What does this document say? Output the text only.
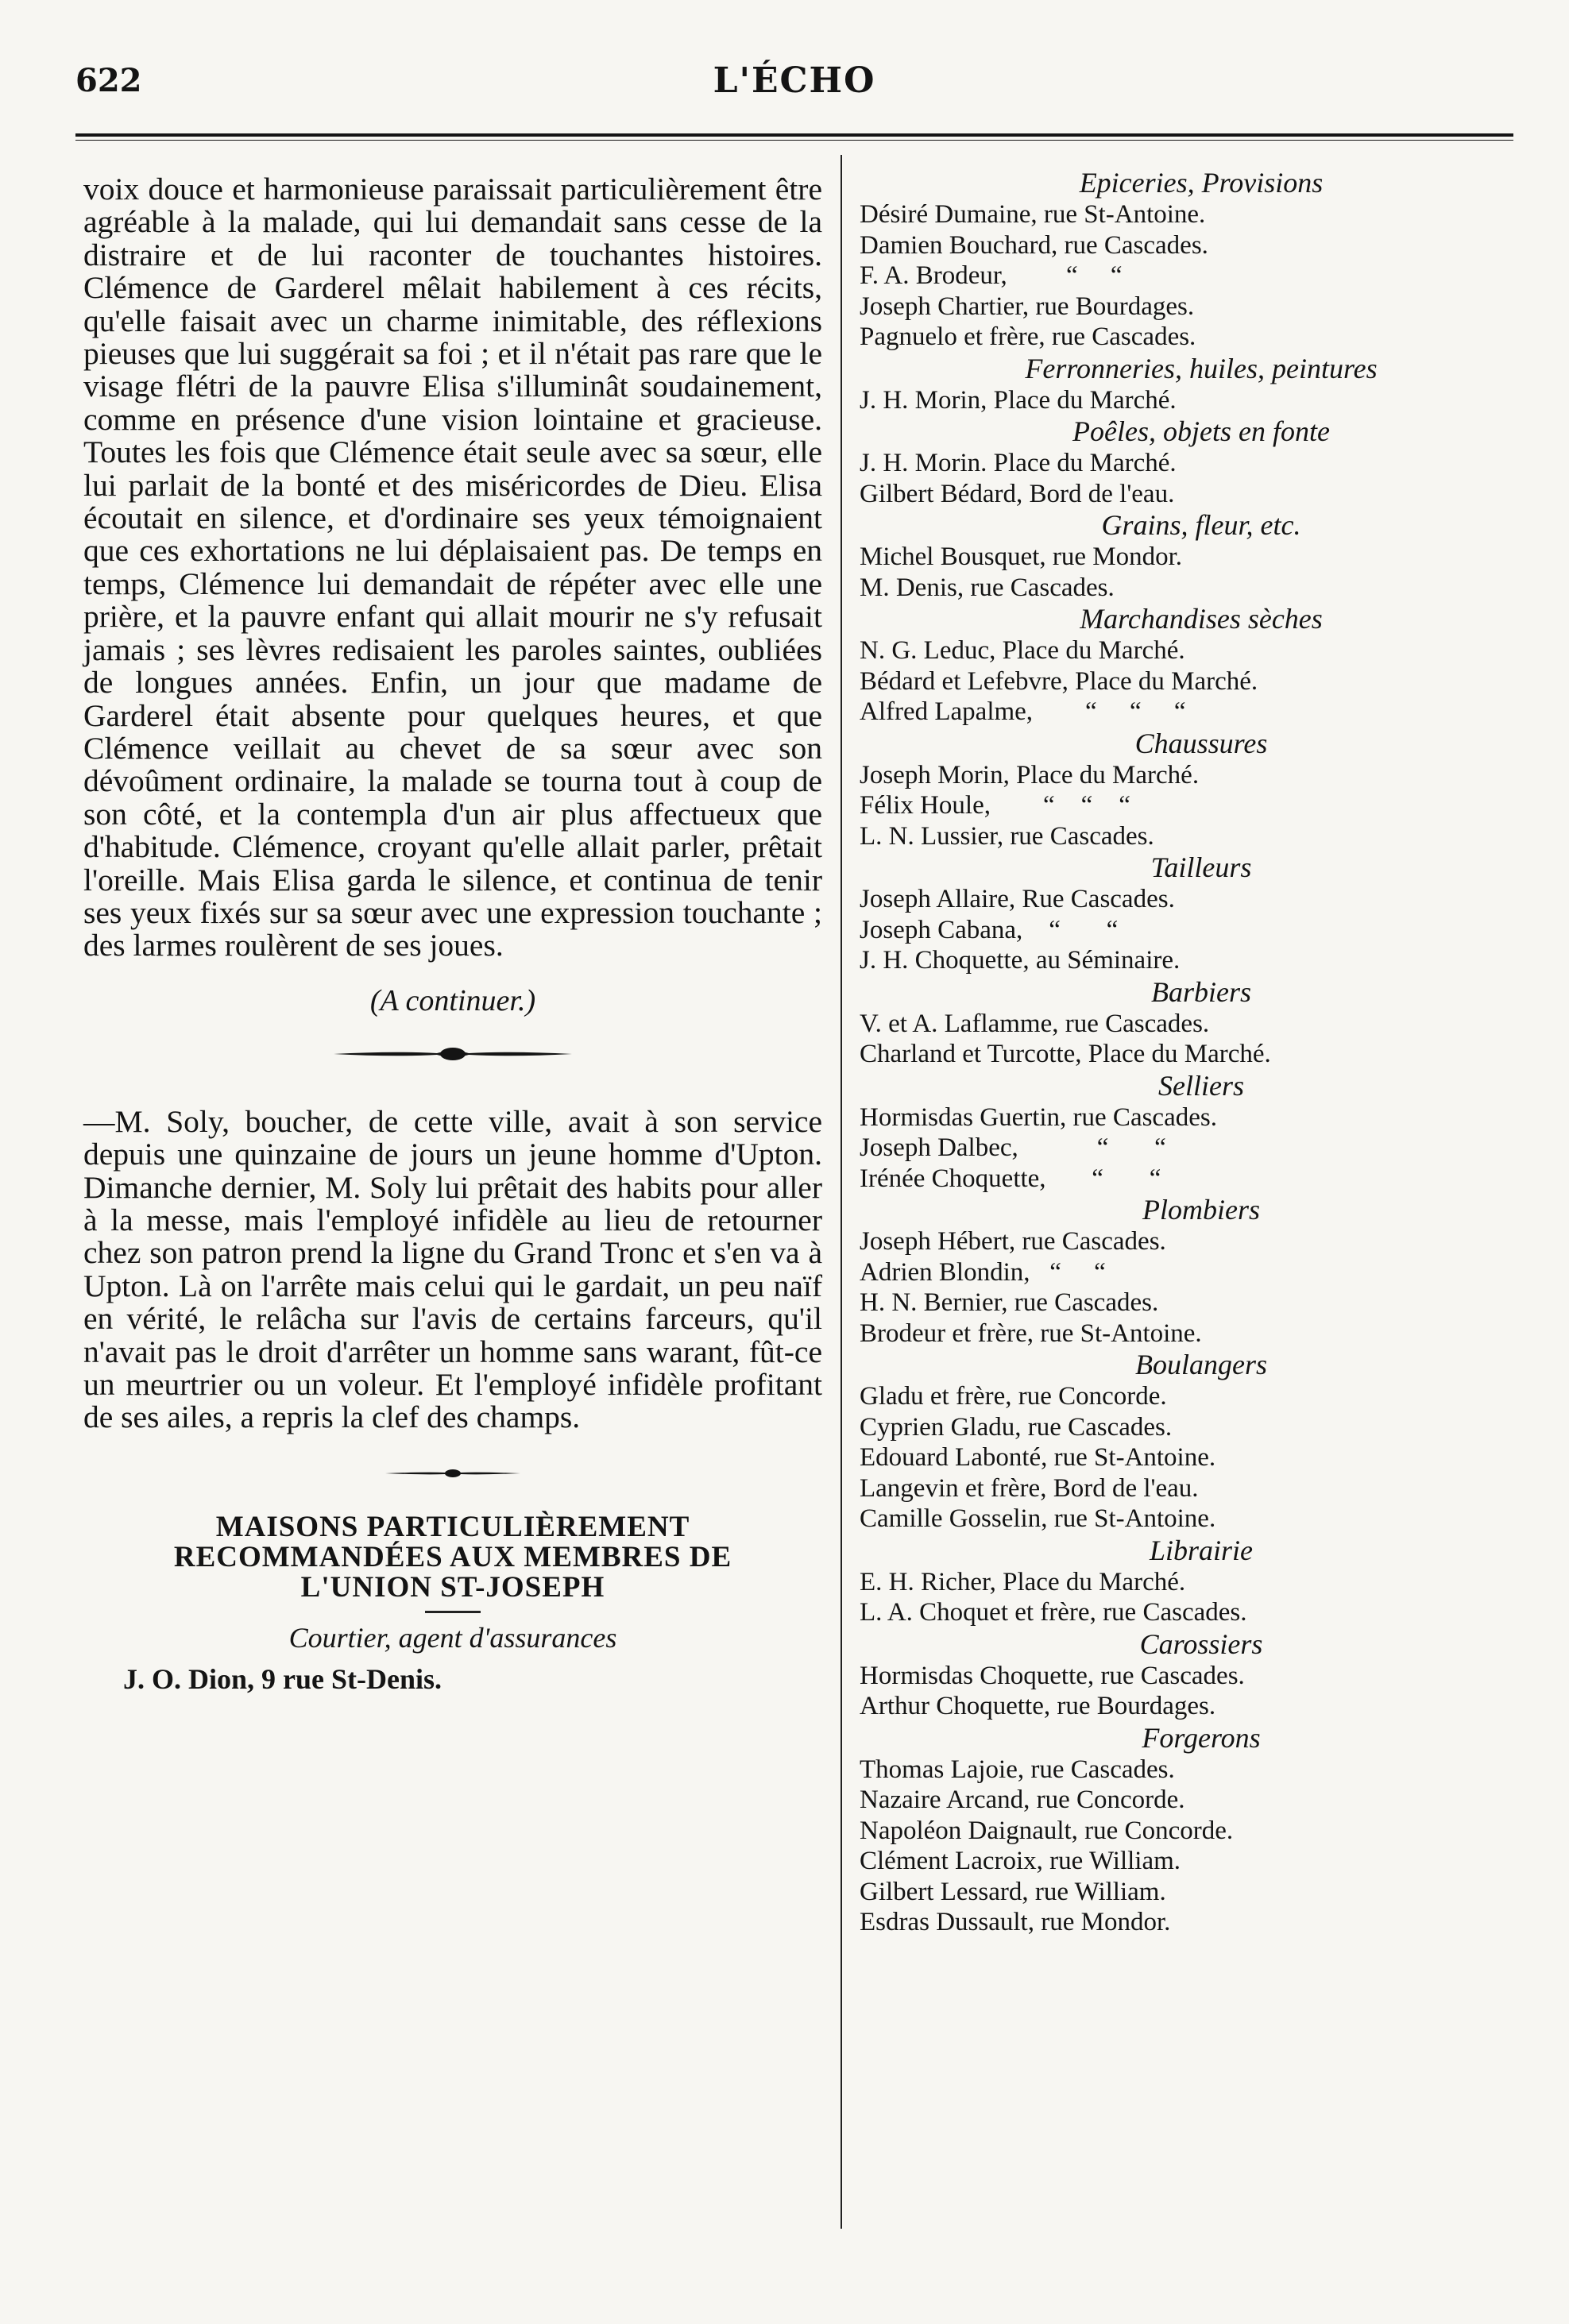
622	L'ÉCHO

voix douce et harmonieuse paraissait particulièrement être agréable à la malade, qui lui demandait sans cesse de la distraire et de lui raconter de touchantes histoires. Clémence de Garderel mêlait habilement à ces récits, qu'elle faisait avec un charme inimitable, des réflexions pieuses que lui suggérait sa foi ; et il n'était pas rare que le visage flétri de la pauvre Elisa s'illuminât soudainement, comme en présence d'une vision lointaine et gracieuse. Toutes les fois que Clémence était seule avec sa sœur, elle lui parlait de la bonté et des miséricordes de Dieu. Elisa écoutait en silence, et d'ordinaire ses yeux témoignaient que ces exhortations ne lui déplaisaient pas. De temps en temps, Clémence lui demandait de répéter avec elle une prière, et la pauvre enfant qui allait mourir ne s'y refusait jamais ; ses lèvres redisaient les paroles saintes, oubliées de longues années. Enfin, un jour que madame de Garderel était absente pour quelques heures, et que Clémence veillait au chevet de sa sœur avec son dévoûment ordinaire, la malade se tourna tout à coup de son côté, et la contempla d'un air plus affectueux que d'habitude. Clémence, croyant qu'elle allait parler, prêtait l'oreille. Mais Elisa garda le silence, et continua de tenir ses yeux fixés sur sa sœur avec une expression touchante ; des larmes roulèrent de ses joues.

(A continuer.)

—M. Soly, boucher, de cette ville, avait à son service depuis une quinzaine de jours un jeune homme d'Upton. Dimanche dernier, M. Soly lui prêtait des habits pour aller à la messe, mais l'employé infidèle au lieu de retourner chez son patron prend la ligne du Grand Tronc et s'en va à Upton. Là on l'arrête mais celui qui le gardait, un peu naïf en vérité, le relâcha sur l'avis de certains farceurs, qu'il n'avait pas le droit d'arrêter un homme sans warant, fût-ce un meurtrier ou un voleur. Et l'employé infidèle profitant de ses ailes, a repris la clef des champs.

MAISONS PARTICULIÈREMENT

RECOMMANDÉES AUX MEMBRES DE

L'UNION ST-JOSEPH

Courtier, agent d'assurances

J. O. Dion, 9 rue St-Denis.

Epiceries, Provisions

Désiré Dumaine, rue St-Antoine.

Damien Bouchard, rue Cascades.

F. A. Brodeur,         “     “

Joseph Chartier, rue Bourdages.

Pagnuelo et frère, rue Cascades.

Ferronneries, huiles, peintures

J. H. Morin, Place du Marché.

Poêles, objets en fonte

J. H. Morin. Place du Marché.

Gilbert Bédard, Bord de l'eau.

Grains, fleur, etc.

Michel Bousquet, rue Mondor.

M. Denis, rue Cascades.

Marchandises sèches

N. G. Leduc, Place du Marché.

Bédard et Lefebvre, Place du Marché.

Alfred Lapalme,        “     “     “

Chaussures

Joseph Morin, Place du Marché.

Félix Houle,        “    “    “

L. N. Lussier, rue Cascades.

Tailleurs

Joseph Allaire, Rue Cascades.

Joseph Cabana,    “       “

J. H. Choquette, au Séminaire.

Barbiers

V. et A. Laflamme, rue Cascades.

Charland et Turcotte, Place du Marché.

Selliers

Hormisdas Guertin, rue Cascades.

Joseph Dalbec,            “       “

Irénée Choquette,       “       “

Plombiers

Joseph Hébert, rue Cascades.

Adrien Blondin,   “     “

H. N. Bernier, rue Cascades.

Brodeur et frère, rue St-Antoine.

Boulangers

Gladu et frère, rue Concorde.

Cyprien Gladu, rue Cascades.

Edouard Labonté, rue St-Antoine.

Langevin et frère, Bord de l'eau.

Camille Gosselin, rue St-Antoine.

Librairie

E. H. Richer, Place du Marché.

L. A. Choquet et frère, rue Cascades.

Carossiers

Hormisdas Choquette, rue Cascades.

Arthur Choquette, rue Bourdages.

Forgerons

Thomas Lajoie, rue Cascades.

Nazaire Arcand, rue Concorde.

Napoléon Daignault, rue Concorde.

Clément Lacroix, rue William.

Gilbert Lessard, rue William.

Esdras Dussault, rue Mondor.
